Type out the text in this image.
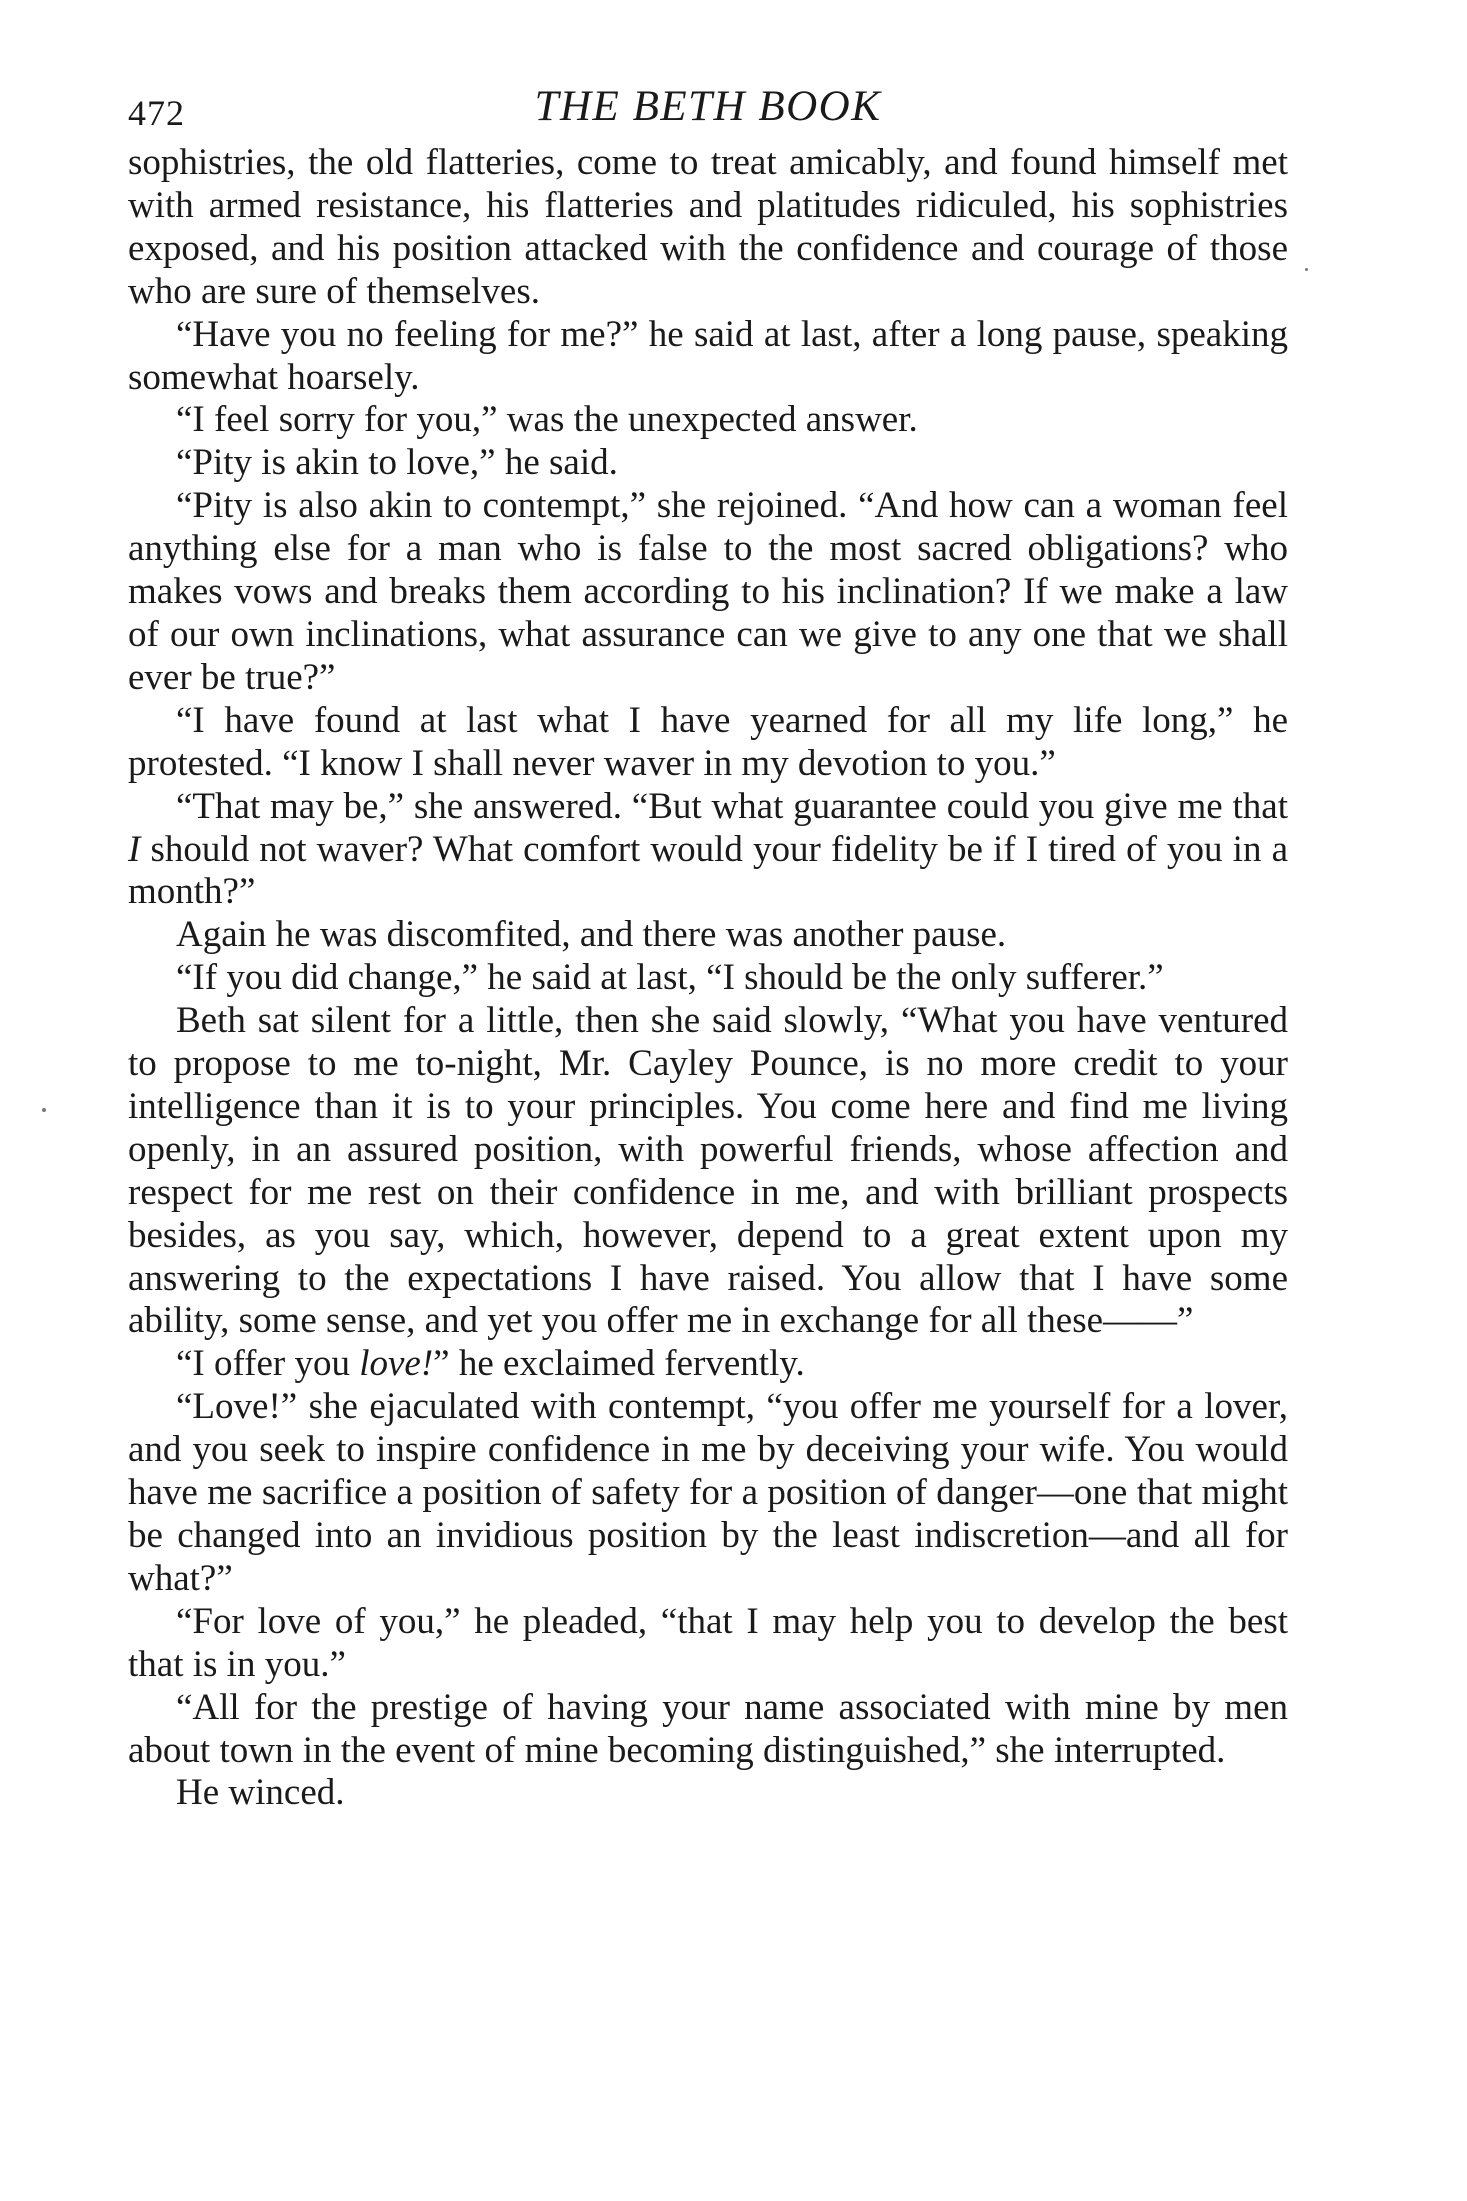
472	THE BETH BOOK

sophistries, the old flatteries, come to treat amicably, and found himself met with armed resistance, his flatteries and platitudes ridiculed, his sophistries exposed, and his position attacked with the confidence and courage of those who are sure of themselves.

“Have you no feeling for me?” he said at last, after a long pause, speaking somewhat hoarsely.

“I feel sorry for you,” was the unexpected answer.

“Pity is akin to love,” he said.

“Pity is also akin to contempt,” she rejoined. “And how can a woman feel anything else for a man who is false to the most sacred obligations? who makes vows and breaks them according to his inclination? If we make a law of our own inclinations, what assurance can we give to any one that we shall ever be true?”

“I have found at last what I have yearned for all my life long,” he protested. “I know I shall never waver in my devotion to you.”

“That may be,” she answered. “But what guarantee could you give me that I should not waver? What comfort would your fidelity be if I tired of you in a month?”

Again he was discomfited, and there was another pause.

“If you did change,” he said at last, “I should be the only sufferer.”

Beth sat silent for a little, then she said slowly, “What you have ventured to propose to me to-night, Mr. Cayley Pounce, is no more credit to your intelligence than it is to your principles. You come here and find me living openly, in an assured position, with powerful friends, whose affection and respect for me rest on their confidence in me, and with brilliant prospects besides, as you say, which, however, depend to a great extent upon my answering to the expectations I have raised. You allow that I have some ability, some sense, and yet you offer me in exchange for all these——”

“I offer you love!” he exclaimed fervently.

“Love!” she ejaculated with contempt, “you offer me yourself for a lover, and you seek to inspire confidence in me by deceiving your wife. You would have me sacrifice a position of safety for a position of danger—one that might be changed into an invidious position by the least indiscretion—and all for what?”

“For love of you,” he pleaded, “that I may help you to develop the best that is in you.”

“All for the prestige of having your name associated with mine by men about town in the event of mine becoming distinguished,” she interrupted.

He winced.
